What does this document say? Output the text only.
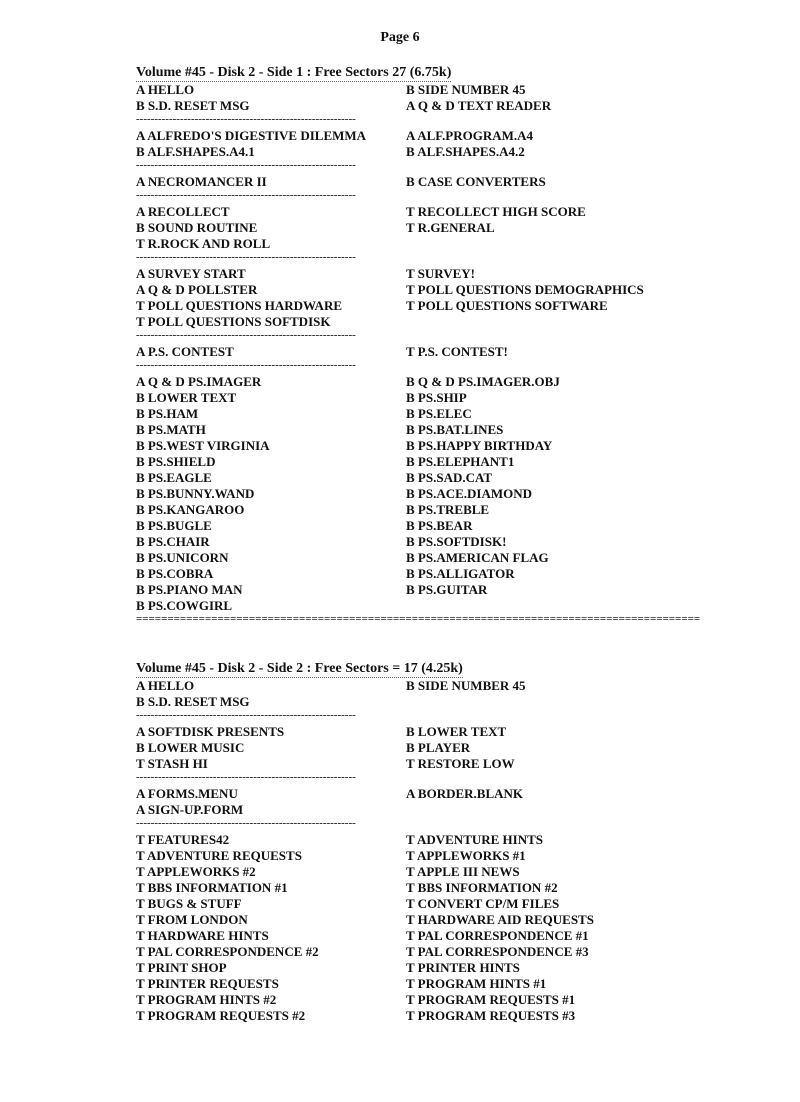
Page 6
Volume #45 - Disk 2 - Side 1 : Free Sectors 27 (6.75k)
A HELLO	B SIDE NUMBER 45
B S.D. RESET MSG	A Q & D TEXT READER
------------------------------------------------------------
A ALFREDO'S DIGESTIVE DILEMMA	A ALF.PROGRAM.A4
B ALF.SHAPES.A4.1	B ALF.SHAPES.A4.2
------------------------------------------------------------
A NECROMANCER II	B CASE CONVERTERS
------------------------------------------------------------
A RECOLLECT	T RECOLLECT HIGH SCORE
B SOUND ROUTINE	T R.GENERAL
T R.ROCK AND ROLL
------------------------------------------------------------
A SURVEY START	T SURVEY!
A Q & D POLLSTER	T POLL QUESTIONS DEMOGRAPHICS
T POLL QUESTIONS HARDWARE	T POLL QUESTIONS SOFTWARE
T POLL QUESTIONS SOFTDISK
------------------------------------------------------------
A P.S. CONTEST	T P.S. CONTEST!
------------------------------------------------------------
A Q & D PS.IMAGER	B Q & D PS.IMAGER.OBJ
B LOWER TEXT	B PS.SHIP
B PS.HAM	B PS.ELEC
B PS.MATH	B PS.BAT.LINES
B PS.WEST VIRGINIA	B PS.HAPPY BIRTHDAY
B PS.SHIELD	B PS.ELEPHANT1
B PS.EAGLE	B PS.SAD.CAT
B PS.BUNNY.WAND	B PS.ACE.DIAMOND
B PS.KANGAROO	B PS.TREBLE
B PS.BUGLE	B PS.BEAR
B PS.CHAIR	B PS.SOFTDISK!
B PS.UNICORN	B PS.AMERICAN FLAG
B PS.COBRA	B PS.ALLIGATOR
B PS.PIANO MAN	B PS.GUITAR
B PS.COWGIRL
==========================================================================================
Volume #45 - Disk 2 - Side 2 : Free Sectors = 17 (4.25k)
A HELLO	B SIDE NUMBER 45
B S.D. RESET MSG
------------------------------------------------------------
A SOFTDISK PRESENTS	B LOWER TEXT
B LOWER MUSIC	B PLAYER
T STASH HI	T RESTORE LOW
------------------------------------------------------------
A FORMS.MENU	A BORDER.BLANK
A SIGN-UP.FORM
------------------------------------------------------------
T FEATURES42	T ADVENTURE HINTS
T ADVENTURE REQUESTS	T APPLEWORKS #1
T APPLEWORKS #2	T APPLE III NEWS
T BBS INFORMATION #1	T BBS INFORMATION #2
T BUGS & STUFF	T CONVERT CP/M FILES
T FROM LONDON	T HARDWARE AID REQUESTS
T HARDWARE HINTS	T PAL CORRESPONDENCE #1
T PAL CORRESPONDENCE #2	T PAL CORRESPONDENCE #3
T PRINT SHOP	T PRINTER HINTS
T PRINTER REQUESTS	T PROGRAM HINTS #1
T PROGRAM HINTS #2	T PROGRAM REQUESTS #1
T PROGRAM REQUESTS #2	T PROGRAM REQUESTS #3
